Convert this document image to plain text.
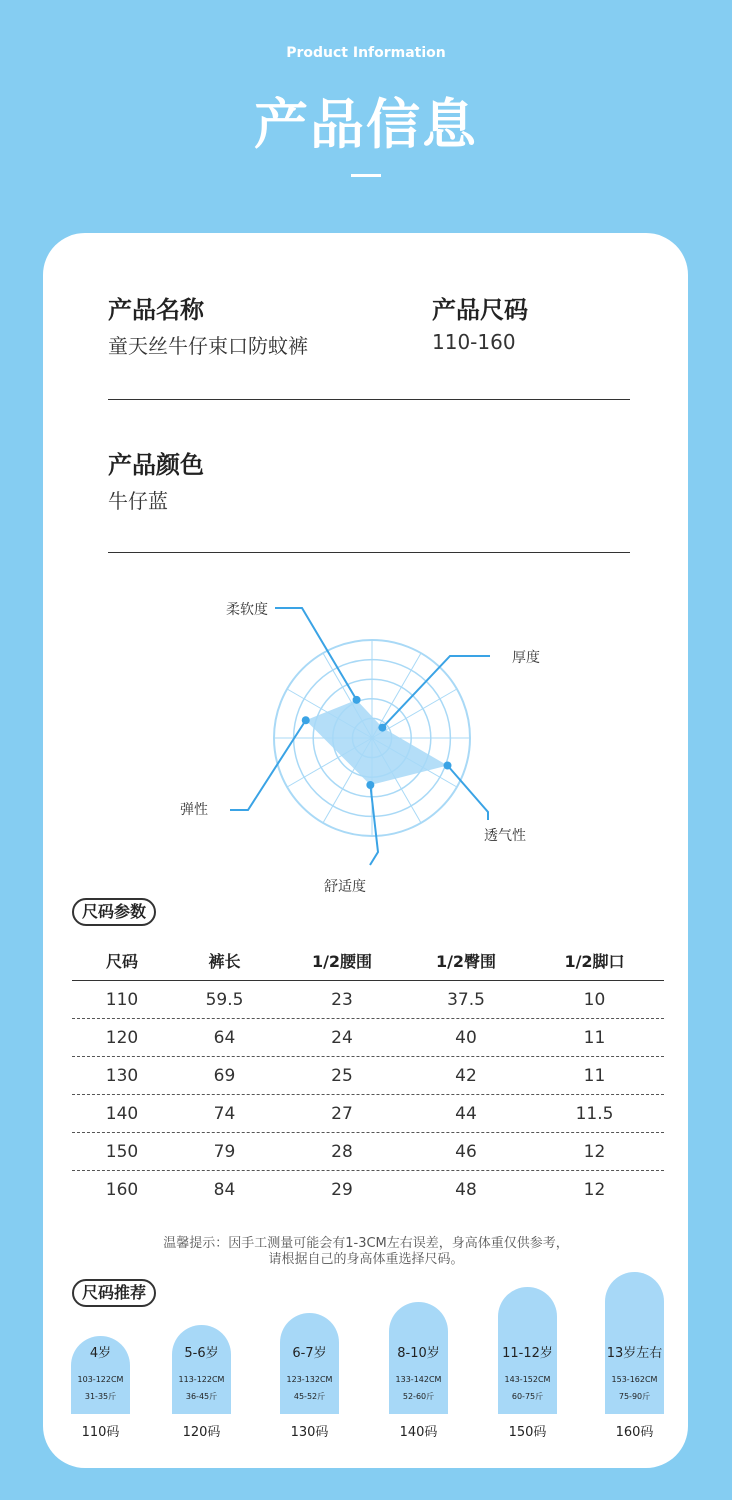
Product Information
产品信息
产品名称
童天丝牛仔束口防蚊裤
产品尺码
110-160
产品颜色
牛仔蓝
柔软度
厚度
透气性
舒适度
弹性
尺码参数
尺码	裤长	1/2腰围	1/2臀围	1/2脚口
110	59.5	23	37.5	10
120	64	24	40	11
130	69	25	42	11
140	74	27	44	11.5
150	79	28	46	12
160	84	29	48	12
温馨提示：因手工测量可能会有1-3CM左右误差，身高体重仅供参考，
请根据自己的身高体重选择尺码。
尺码推荐
4岁
103-122CM
31-35斤
110码
5-6岁
113-122CM
36-45斤
120码
6-7岁
123-132CM
45-52斤
130码
8-10岁
133-142CM
52-60斤
140码
11-12岁
143-152CM
60-75斤
150码
13岁左右
153-162CM
75-90斤
160码
